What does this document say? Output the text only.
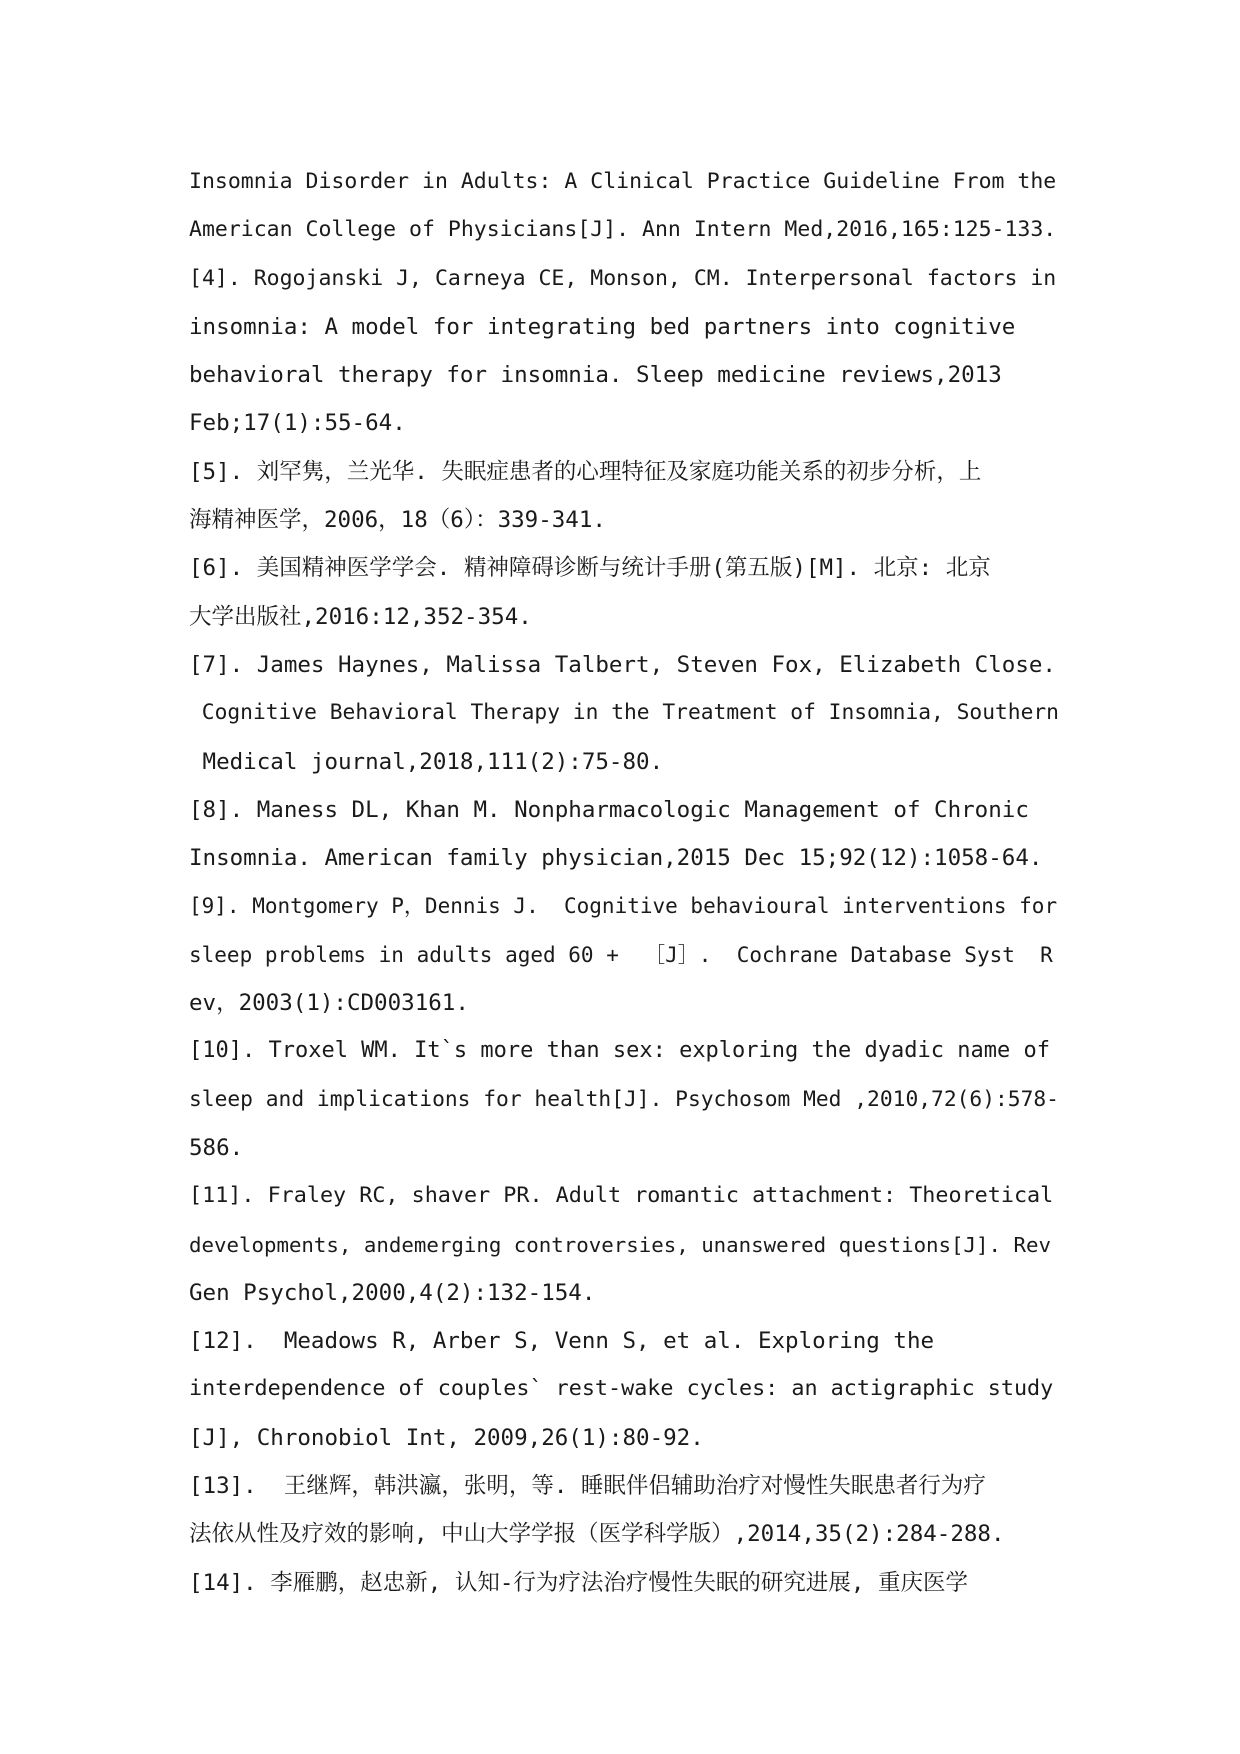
Insomnia Disorder in Adults: A Clinical Practice Guideline From the
American College of Physicians[J]. Ann Intern Med,2016,165:125-133.
[4]. Rogojanski J, Carneya CE, Monson, CM. Interpersonal factors in
insomnia: A model for integrating bed partners into cognitive
behavioral therapy for insomnia. Sleep medicine reviews,2013
Feb;17(1):55-64.
[5]. 刘罕隽，兰光华. 失眠症患者的心理特征及家庭功能关系的初步分析，上
海精神医学，2006，18（6）：339-341.
[6]. 美国精神医学学会. 精神障碍诊断与统计手册(第五版)[M]. 北京: 北京
大学出版社,2016:12,352-354.
[7]. James Haynes, Malissa Talbert, Steven Fox, Elizabeth Close.
Cognitive Behavioral Therapy in the Treatment of Insomnia, Southern
Medical journal,2018,111(2):75-80.
[8]. Maness DL, Khan M. Nonpharmacologic Management of Chronic
Insomnia. American family physician,2015 Dec 15;92(12):1058-64.
[9]. Montgomery P，Dennis J.  Cognitive behavioural interventions for
sleep problems in adults aged 60 +  ［J］.  Cochrane Database Syst  R
ev，2003(1):CD003161.
[10]. Troxel WM. It`s more than sex: exploring the dyadic name of
sleep and implications for health[J]. Psychosom Med ,2010,72(6):578-
586.
[11]. Fraley RC, shaver PR. Adult romantic attachment: Theoretical
developments, andemerging controversies, unanswered questions[J]. Rev
Gen Psychol,2000,4(2):132-154.
[12].  Meadows R, Arber S, Venn S, et al. Exploring the
interdependence of couples` rest-wake cycles: an actigraphic study
[J], Chronobiol Int, 2009,26(1):80-92.
[13].  王继辉，韩洪瀛，张明，等. 睡眠伴侣辅助治疗对慢性失眠患者行为疗
法依从性及疗效的影响, 中山大学学报（医学科学版）,2014,35(2):284-288.
[14]. 李雁鹏，赵忠新, 认知-行为疗法治疗慢性失眠的研究进展, 重庆医学
